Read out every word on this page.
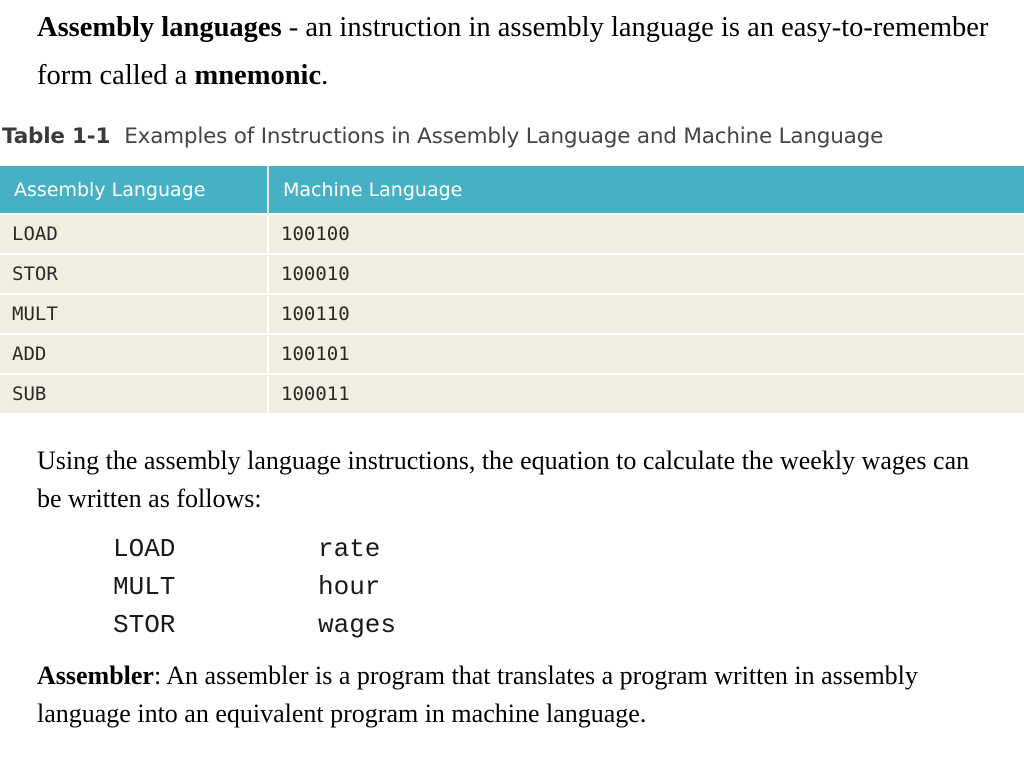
Assembly languages - an instruction in assembly language is an easy-to-remember form called a mnemonic.

Table 1-1 Examples of Instructions in Assembly Language and Machine Language

Assembly Language	Machine Language
LOAD	100100
STOR	100010
MULT	100110
ADD	100101
SUB	100011

Using the assembly language instructions, the equation to calculate the weekly wages can be written as follows:

LOAD	rate
MULT	hour
STOR	wages

Assembler: An assembler is a program that translates a program written in assembly language into an equivalent program in machine language.
